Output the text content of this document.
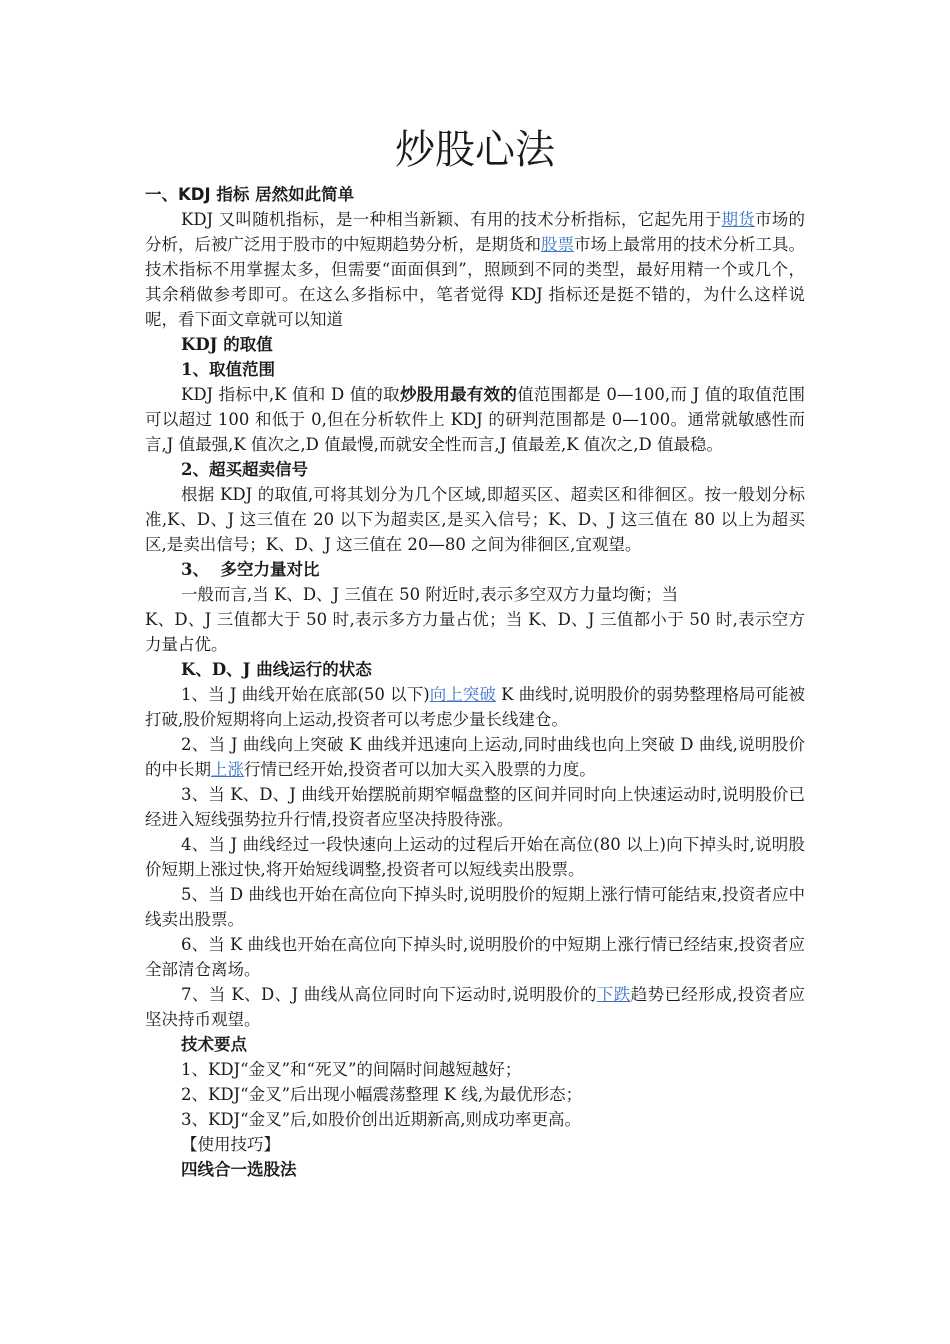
炒股心法

一、KDJ 指标 居然如此简单

KDJ 又叫随机指标，是一种相当新颖、有用的技术分析指标，它起先用于期货市场的分析，后被广泛用于股市的中短期趋势分析，是期货和股票市场上最常用的技术分析工具。技术指标不用掌握太多，但需要“面面俱到”，照顾到不同的类型，最好用精一个或几个，其余稍做参考即可。在这么多指标中，笔者觉得 KDJ 指标还是挺不错的，为什么这样说呢，看下面文章就可以知道

KDJ 的取值

1、取值范围

KDJ 指标中,K 值和 D 值的取炒股用最有效的值范围都是 0—100,而 J 值的取值范围可以超过 100 和低于 0,但在分析软件上 KDJ 的研判范围都是 0—100。通常就敏感性而言,J 值最强,K 值次之,D 值最慢,而就安全性而言,J 值最差,K 值次之,D 值最稳。

2、超买超卖信号

根据 KDJ 的取值,可将其划分为几个区域,即超买区、超卖区和徘徊区。按一般划分标准,K、D、J 这三值在 20 以下为超卖区,是买入信号；K、D、J 这三值在 80 以上为超买区,是卖出信号；K、D、J 这三值在 20—80 之间为徘徊区,宜观望。

3、  多空力量对比

一般而言,当 K、D、J 三值在 50 附近时,表示多空双方力量均衡；当

K、D、J 三值都大于 50 时,表示多方力量占优；当 K、D、J 三值都小于 50 时,表示空方力量占优。

K、D、J 曲线运行的状态

1、当 J 曲线开始在底部(50 以下)向上突破 K 曲线时,说明股价的弱势整理格局可能被打破,股价短期将向上运动,投资者可以考虑少量长线建仓。

2、当 J 曲线向上突破 K 曲线并迅速向上运动,同时曲线也向上突破 D 曲线,说明股价的中长期上涨行情已经开始,投资者可以加大买入股票的力度。

3、当 K、D、J 曲线开始摆脱前期窄幅盘整的区间并同时向上快速运动时,说明股价已经进入短线强势拉升行情,投资者应坚决持股待涨。

4、当 J 曲线经过一段快速向上运动的过程后开始在高位(80 以上)向下掉头时,说明股价短期上涨过快,将开始短线调整,投资者可以短线卖出股票。

5、当 D 曲线也开始在高位向下掉头时,说明股价的短期上涨行情可能结束,投资者应中线卖出股票。

6、当 K 曲线也开始在高位向下掉头时,说明股价的中短期上涨行情已经结束,投资者应全部清仓离场。

7、当 K、D、J 曲线从高位同时向下运动时,说明股价的下跌趋势已经形成,投资者应坚决持币观望。

技术要点

1、KDJ“金叉”和“死叉”的间隔时间越短越好；

2、KDJ“金叉”后出现小幅震荡整理 K 线,为最优形态；

3、KDJ“金叉”后,如股价创出近期新高,则成功率更高。

【使用技巧】

四线合一选股法
